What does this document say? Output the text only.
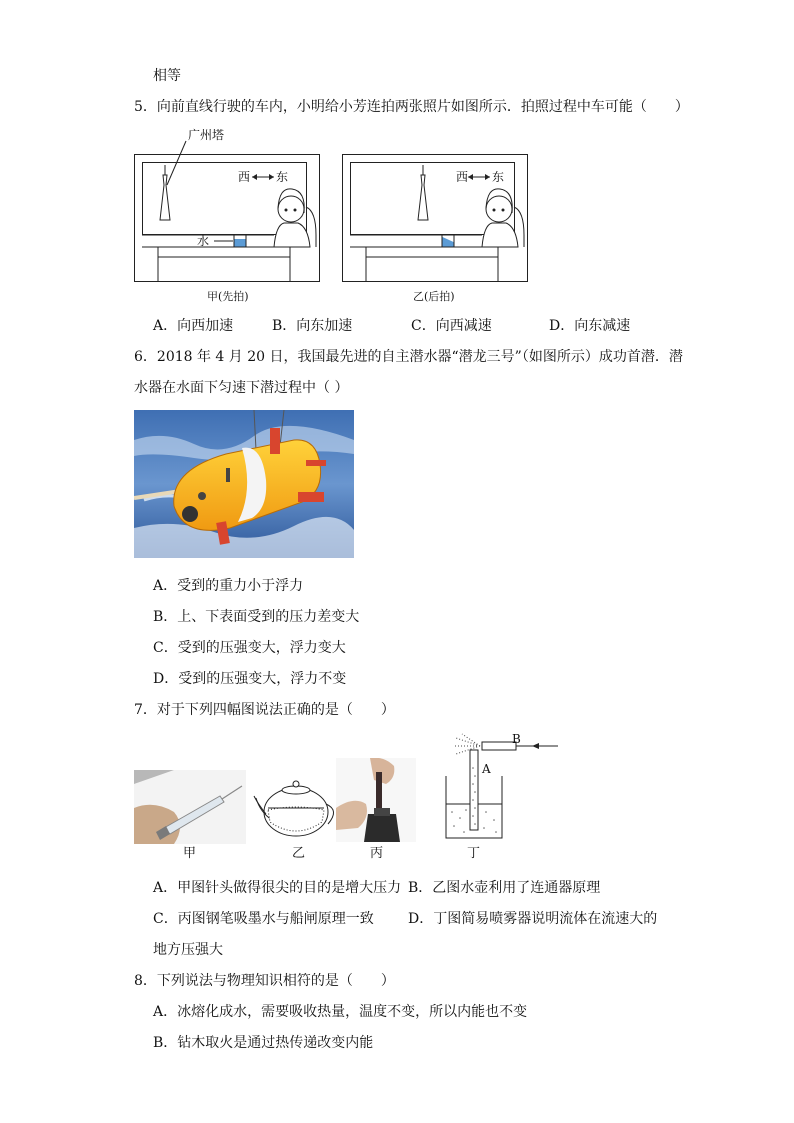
相等
5．向前直线行驶的车内，小明给小芳连拍两张照片如图所示．拍照过程中车可能（　　）
广州塔
西 东
水
甲(先拍)
西 东
乙(后拍)
A．向西加速	B．向东加速	C．向西减速	D．向东减速
6．2018 年 4 月 20 日，我国最先进的自主潜水器“潜龙三号”（如图所示）成功首潜．潜
水器在水面下匀速下潜过程中（ ）
A．受到的重力小于浮力
B．上、下表面受到的压力差变大
C．受到的压强变大，浮力变大
D．受到的压强变大，浮力不变
7．对于下列四幅图说法正确的是（　　）
甲	乙	丙
B
A
丁
A．甲图针头做得很尖的目的是增大压力 B．乙图水壶利用了连通器原理
C．丙图钢笔吸墨水与船闸原理一致 D．丁图简易喷雾器说明流体在流速大的
地方压强大
8．下列说法与物理知识相符的是（　　）
A．冰熔化成水，需要吸收热量，温度不变，所以内能也不变
B．钻木取火是通过热传递改变内能
